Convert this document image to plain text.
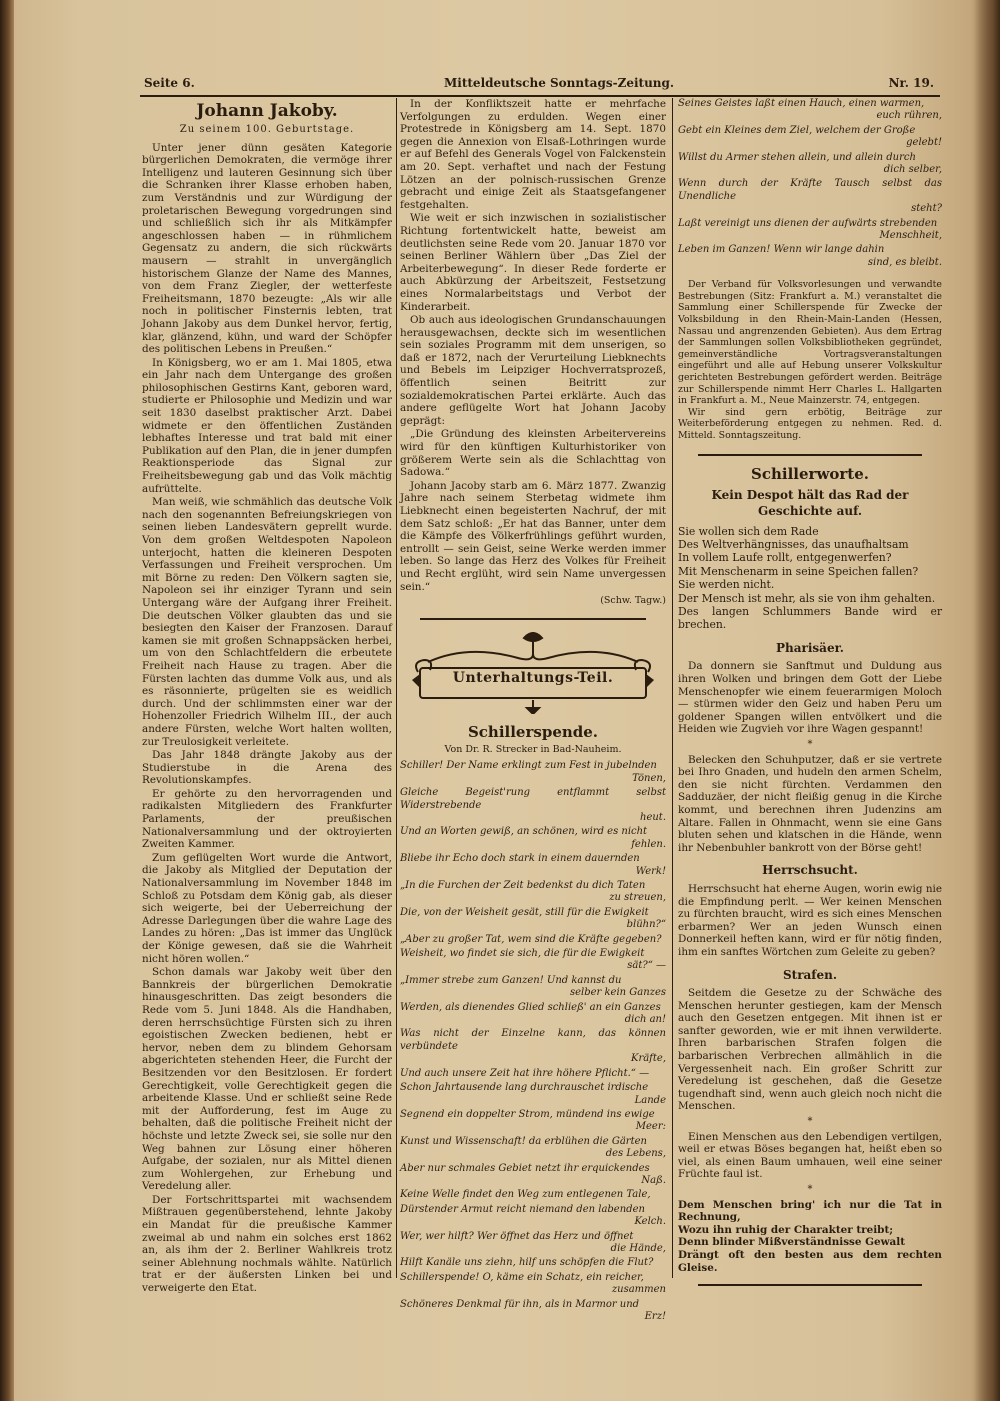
Seite 6.	Mitteldeutsche Sonntags-Zeitung.	Nr. 19.
Johann Jakoby.
Zu seinem 100. Geburtstage.

Unter jener dünn gesäten Kategorie bürgerlichen Demokraten, die vermöge ihrer Intelligenz und lauteren Gesinnung sich über die Schranken ihrer Klasse erhoben haben, zum Verständnis und zur Würdigung der proletarischen Bewegung vorgedrungen sind und schließlich sich ihr als Mitkämpfer angeschlossen haben — in rühmlichem Gegensatz zu andern, die sich rückwärts mausern — strahlt in unvergänglich historischem Glanze der Name des Mannes, von dem Franz Ziegler, der wetterfeste Freiheitsmann, 1870 bezeugte: „Als wir alle noch in politischer Finsternis lebten, trat Johann Jakoby aus dem Dunkel hervor, fertig, klar, glänzend, kühn, und ward der Schöpfer des politischen Lebens in Preußen.“

In Königsberg, wo er am 1. Mai 1805, etwa ein Jahr nach dem Untergange des großen philosophischen Gestirns Kant, geboren ward, studierte er Philosophie und Medizin und war seit 1830 daselbst praktischer Arzt. Dabei widmete er den öffentlichen Zuständen lebhaftes Interesse und trat bald mit einer Publikation auf den Plan, die in jener dumpfen Reaktionsperiode das Signal zur Freiheitsbewegung gab und das Volk mächtig aufrüttelte.

Man weiß, wie schmählich das deutsche Volk nach den sogenannten Befreiungskriegen von seinen lieben Landesvätern geprellt wurde. Von dem großen Weltdespoten Napoleon unterjocht, hatten die kleineren Despoten Verfassungen und Freiheit versprochen. Um mit Börne zu reden: Den Völkern sagten sie, Napoleon sei ihr einziger Tyrann und sein Untergang wäre der Aufgang ihrer Freiheit. Die deutschen Völker glaubten das und sie besiegten den Kaiser der Franzosen. Darauf kamen sie mit großen Schnappsäcken herbei, um von den Schlachtfeldern die erbeutete Freiheit nach Hause zu tragen. Aber die Fürsten lachten das dumme Volk aus, und als es räsonnierte, prügelten sie es weidlich durch. Und der schlimmsten einer war der Hohenzoller Friedrich Wilhelm III., der auch andere Fürsten, welche Wort halten wollten, zur Treulosigkeit verleitete.

Das Jahr 1848 drängte Jakoby aus der Studierstube in die Arena des Revolutionskampfes.

Er gehörte zu den hervorragenden und radikalsten Mitgliedern des Frankfurter Parlaments, der preußischen Nationalversammlung und der oktroyierten Zweiten Kammer.

Zum geflügelten Wort wurde die Antwort, die Jakoby als Mitglied der Deputation der Nationalversammlung im November 1848 im Schloß zu Potsdam dem König gab, als dieser sich weigerte, bei der Ueberreichung der Adresse Darlegungen über die wahre Lage des Landes zu hören: „Das ist immer das Unglück der Könige gewesen, daß sie die Wahrheit nicht hören wollen.“

Schon damals war Jakoby weit über den Bannkreis der bürgerlichen Demokratie hinausgeschritten. Das zeigt besonders die Rede vom 5. Juni 1848. Als die Handhaben, deren herrschsüchtige Fürsten sich zu ihren egoistischen Zwecken bedienen, hebt er hervor, neben dem zu blindem Gehorsam abgerichteten stehenden Heer, die Furcht der Besitzenden vor den Besitzlosen. Er fordert Gerechtigkeit, volle Gerechtigkeit gegen die arbeitende Klasse. Und er schließt seine Rede mit der Aufforderung, fest im Auge zu behalten, daß die politische Freiheit nicht der höchste und letzte Zweck sei, sie solle nur den Weg bahnen zur Lösung einer höheren Aufgabe, der sozialen, nur als Mittel dienen zum Wohlergehen, zur Erhebung und Veredelung aller.

Der Fortschrittspartei mit wachsendem Mißtrauen gegenüberstehend, lehnte Jakoby ein Mandat für die preußische Kammer zweimal ab und nahm ein solches erst 1862 an, als ihm der 2. Berliner Wahlkreis trotz seiner Ablehnung nochmals wählte. Natürlich trat er der äußersten Linken bei und verweigerte den Etat.

In der Konfliktszeit hatte er mehrfache Verfolgungen zu erdulden. Wegen einer Protestrede in Königsberg am 14. Sept. 1870 gegen die Annexion von Elsaß-Lothringen wurde er auf Befehl des Generals Vogel von Falckenstein am 20. Sept. verhaftet und nach der Festung Lötzen an der polnisch-russischen Grenze gebracht und einige Zeit als Staatsgefangener festgehalten.

Wie weit er sich inzwischen in sozialistischer Richtung fortentwickelt hatte, beweist am deutlichsten seine Rede vom 20. Januar 1870 vor seinen Berliner Wählern über „Das Ziel der Arbeiterbewegung“. In dieser Rede forderte er auch Abkürzung der Arbeitszeit, Festsetzung eines Normalarbeitstags und Verbot der Kinderarbeit.

Ob auch aus ideologischen Grundanschauungen herausgewachsen, deckte sich im wesentlichen sein soziales Programm mit dem unserigen, so daß er 1872, nach der Verurteilung Liebknechts und Bebels im Leipziger Hochverratsprozeß, öffentlich seinen Beitritt zur sozialdemokratischen Partei erklärte. Auch das andere geflügelte Wort hat Johann Jacoby geprägt:

„Die Gründung des kleinsten Arbeitervereins wird für den künftigen Kulturhistoriker von größerem Werte sein als die Schlachttag von Sadowa.“

Johann Jacoby starb am 6. März 1877. Zwanzig Jahre nach seinem Sterbetag widmete ihm Liebknecht einen begeisterten Nachruf, der mit dem Satz schloß: „Er hat das Banner, unter dem die Kämpfe des Völkerfrühlings geführt wurden, entrollt — sein Geist, seine Werke werden immer leben. So lange das Herz des Volkes für Freiheit und Recht erglüht, wird sein Name unvergessen sein.“

(Schw. Tagw.)
Unterhaltungs-Teil.
Schillerspende.
Von Dr. R. Strecker in Bad-Nauheim.
Schiller! Der Name erklingt zum Fest in jubelnden
Tönen,
Gleiche Begeist'rung entflammt selbst Widerstrebende
heut.
Und an Worten gewiß, an schönen, wird es nicht
fehlen.
Bliebe ihr Echo doch stark in einem dauernden
Werk!
„In die Furchen der Zeit bedenkst du dich Taten
zu streuen,
Die, von der Weisheit gesät, still für die Ewigkeit
blühn?“
„Aber zu großer Tat, wem sind die Kräfte gegeben?
Weisheit, wo findet sie sich, die für die Ewigkeit
sät?“ —
„Immer strebe zum Ganzen! Und kannst du
selber kein Ganzes
Werden, als dienendes Glied schließ' an ein Ganzes
dich an!
Was nicht der Einzelne kann, das können verbündete
Kräfte,
Und auch unsere Zeit hat ihre höhere Pflicht.“ —
Schon Jahrtausende lang durchrauschet irdische
Lande
Segnend ein doppelter Strom, mündend ins ewige
Meer:
Kunst und Wissenschaft! da erblühen die Gärten
des Lebens,
Aber nur schmales Gebiet netzt ihr erquickendes
Naß.
Keine Welle findet den Weg zum entlegenen Tale,
Dürstender Armut reicht niemand den labenden
Kelch.
Wer, wer hilft? Wer öffnet das Herz und öffnet
die Hände,
Hilft Kanäle uns ziehn, hilf uns schöpfen die Flut?
Schillerspende! O, käme ein Schatz, ein reicher,
zusammen
Schöneres Denkmal für ihn, als in Marmor und
Erz!
Seines Geistes laßt einen Hauch, einen warmen,
euch rühren,
Gebt ein Kleines dem Ziel, welchem der Große
gelebt!
Willst du Armer stehen allein, und allein durch
dich selber,
Wenn durch der Kräfte Tausch selbst das Unendliche
steht?
Laßt vereinigt uns dienen der aufwärts strebenden
Menschheit,
Leben im Ganzen! Wenn wir lange dahin
sind, es bleibt.
Der Verband für Volksvorlesungen und verwandte Bestrebungen (Sitz: Frankfurt a. M.) veranstaltet die Sammlung einer Schillerspende für Zwecke der Volksbildung in den Rhein-Main-Landen (Hessen, Nassau und angrenzenden Gebieten). Aus dem Ertrag der Sammlungen sollen Volksbibliotheken gegründet, gemeinverständliche Vortragsveranstaltungen eingeführt und alle auf Hebung unserer Volkskultur gerichteten Bestrebungen gefördert werden. Beiträge zur Schillerspende nimmt Herr Charles L. Hallgarten in Frankfurt a. M., Neue Mainzerstr. 74, entgegen.
Wir sind gern erbötig, Beiträge zur Weiterbeförderung entgegen zu nehmen. Red. d. Mitteld. Sonntagszeitung.
Schillerworte.
Kein Despot hält das Rad der Geschichte auf.
Sie wollen sich dem Rade
Des Weltverhängnisses, das unaufhaltsam
In vollem Laufe rollt, entgegenwerfen?
Mit Menschenarm in seine Speichen fallen?
Sie werden nicht.
Der Mensch ist mehr, als sie von ihm gehalten.
Des langen Schlummers Bande wird er brechen.
Pharisäer.

Da donnern sie Sanftmut und Duldung aus ihren Wolken und bringen dem Gott der Liebe Menschenopfer wie einem feuerarmigen Moloch — stürmen wider den Geiz und haben Peru um goldener Spangen willen entvölkert und die Heiden wie Zugvieh vor ihre Wagen gespannt!

*

Belecken den Schuhputzer, daß er sie vertrete bei Ihro Gnaden, und hudeln den armen Schelm, den sie nicht fürchten. Verdammen den Sadduzäer, der nicht fleißig genug in die Kirche kommt, und berechnen ihren Judenzins am Altare. Fallen in Ohnmacht, wenn sie eine Gans bluten sehen und klatschen in die Hände, wenn ihr Nebenbuhler bankrott von der Börse geht!

Herrschsucht.

Herrschsucht hat eherne Augen, worin ewig nie die Empfindung perlt. — Wer keinen Menschen zu fürchten braucht, wird es sich eines Menschen erbarmen? Wer an jeden Wunsch einen Donnerkeil heften kann, wird er für nötig finden, ihm ein sanftes Wörtchen zum Geleite zu geben?

Strafen.

Seitdem die Gesetze zu der Schwäche des Menschen herunter gestiegen, kam der Mensch auch den Gesetzen entgegen. Mit ihnen ist er sanfter geworden, wie er mit ihnen verwilderte. Ihren barbarischen Strafen folgen die barbarischen Verbrechen allmählich in die Vergessenheit nach. Ein großer Schritt zur Veredelung ist geschehen, daß die Gesetze tugendhaft sind, wenn auch gleich noch nicht die Menschen.

*

Einen Menschen aus den Lebendigen vertilgen, weil er etwas Böses begangen hat, heißt eben so viel, als einen Baum umhauen, weil eine seiner Früchte faul ist.

*
Dem Menschen bring' ich nur die Tat in Rechnung,
Wozu ihn ruhig der Charakter treibt;
Denn blinder Mißverständnisse Gewalt
Drängt oft den besten aus dem rechten Gleise.
